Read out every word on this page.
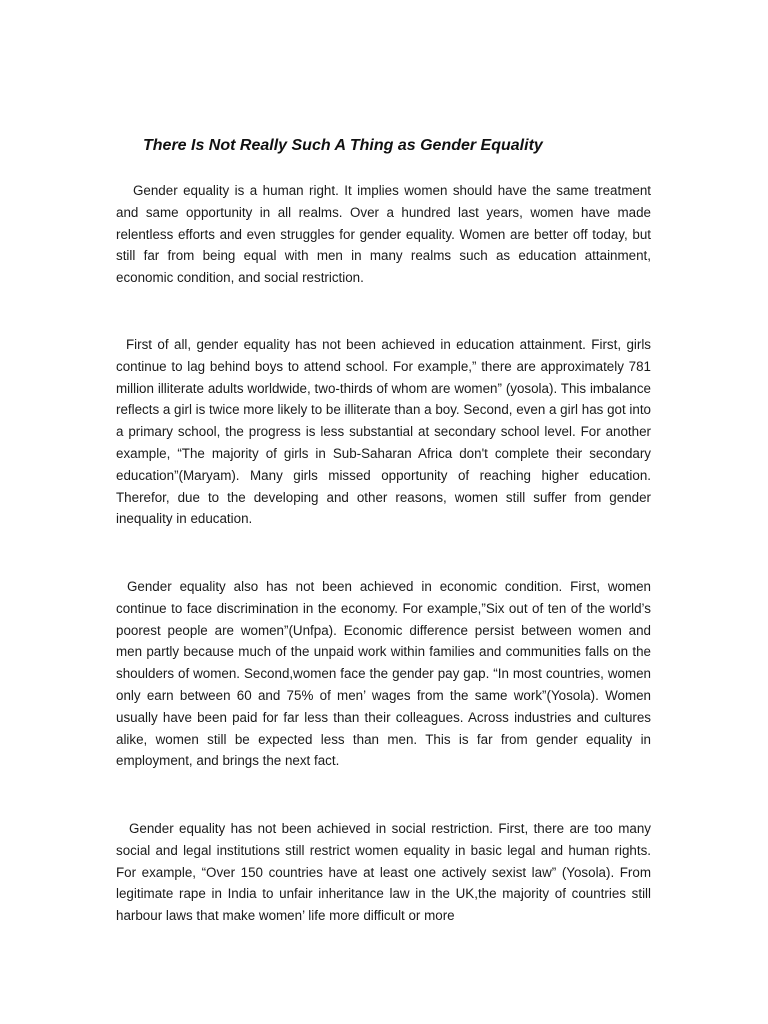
There Is Not Really Such A Thing as Gender Equality

Gender equality is a human right. It implies women should have the same treatment and same opportunity in all realms. Over a hundred last years, women have made relentless efforts and even struggles for gender equality. Women are better off today, but still far from being equal with men in many realms such as education attainment, economic condition, and social restriction.

First of all, gender equality has not been achieved in education attainment. First, girls continue to lag behind boys to attend school. For example,” there are approximately 781 million illiterate adults worldwide, two-thirds of whom are women” (yosola). This imbalance reflects a girl is twice more likely to be illiterate than a boy. Second, even a girl has got into a primary school, the progress is less substantial at secondary school level. For another example, “The majority of girls in Sub-Saharan Africa don't complete their secondary education”(Maryam). Many girls missed opportunity of reaching higher education. Therefor, due to the developing and other reasons, women still suffer from gender inequality in education.

Gender equality also has not been achieved in economic condition. First, women continue to face discrimination in the economy. For example,”Six out of ten of the world’s poorest people are women”(Unfpa). Economic difference persist between women and men partly because much of the unpaid work within families and communities falls on the shoulders of women. Second,women face the gender pay gap. “In most countries, women only earn between 60 and 75% of men’ wages from the same work”(Yosola). Women usually have been paid for far less than their colleagues. Across industries and cultures alike, women still be expected less than men. This is far from gender equality in employment, and brings the next fact.

Gender equality has not been achieved in social restriction. First, there are too many social and legal institutions still restrict women equality in basic legal and human rights. For example, “Over 150 countries have at least one actively sexist law” (Yosola). From legitimate rape in India to unfair inheritance law in the UK,the majority of countries still harbour laws that make women’ life more difficult or more
